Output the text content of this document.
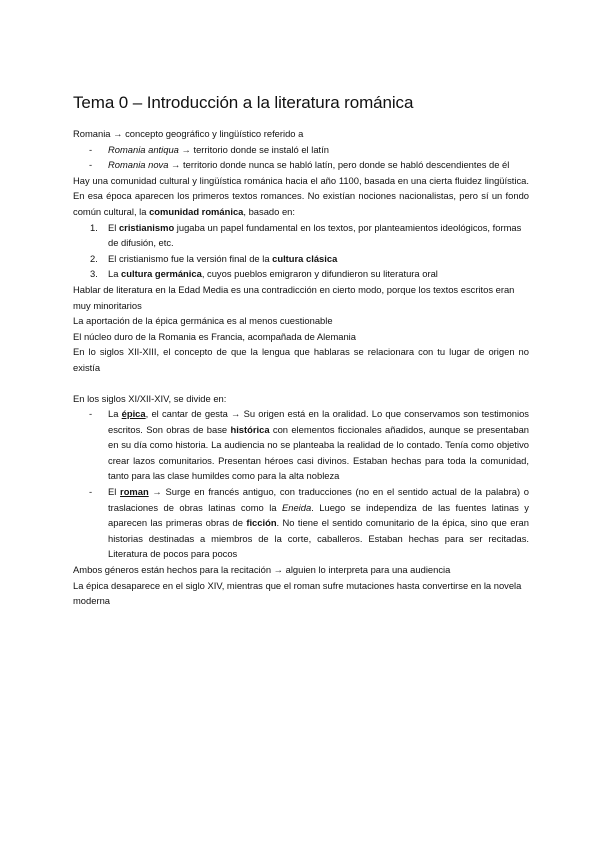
Tema 0 – Introducción a la literatura románica

Romania → concepto geográfico y lingüístico referido a

- Romania antiqua → territorio donde se instaló el latín
- Romania nova → territorio donde nunca se habló latín, pero donde se habló descendientes de él

Hay una comunidad cultural y lingüística románica hacia el año 1100, basada en una cierta fluidez lingüística. En esa época aparecen los primeros textos romances. No existían nociones nacionalistas, pero sí un fondo común cultural, la comunidad románica, basado en:

1. El cristianismo jugaba un papel fundamental en los textos, por planteamientos ideológicos, formas de difusión, etc.
2. El cristianismo fue la versión final de la cultura clásica
3. La cultura germánica, cuyos pueblos emigraron y difundieron su literatura oral

Hablar de literatura en la Edad Media es una contradicción en cierto modo, porque los textos escritos eran muy minoritarios

La aportación de la épica germánica es al menos cuestionable

El núcleo duro de la Romania es Francia, acompañada de Alemania

En lo siglos XII-XIII, el concepto de que la lengua que hablaras se relacionara con tu lugar de origen no existía

En los siglos XI/XII-XIV, se divide en:

- La épica, el cantar de gesta → Su origen está en la oralidad. Lo que conservamos son testimonios escritos. Son obras de base histórica con elementos ficcionales añadidos, aunque se presentaban en su día como historia. La audiencia no se planteaba la realidad de lo contado. Tenía como objetivo crear lazos comunitarios. Presentan héroes casi divinos. Estaban hechas para toda la comunidad, tanto para las clase humildes como para la alta nobleza
- El roman → Surge en francés antiguo, con traducciones (no en el sentido actual de la palabra) o traslaciones de obras latinas como la Eneida. Luego se independiza de las fuentes latinas y aparecen las primeras obras de ficción. No tiene el sentido comunitario de la épica, sino que eran historias destinadas a miembros de la corte, caballeros. Estaban hechas para ser recitadas. Literatura de pocos para pocos

Ambos géneros están hechos para la recitación → alguien lo interpreta para una audiencia

La épica desaparece en el siglo XIV, mientras que el roman sufre mutaciones hasta convertirse en la novela moderna
